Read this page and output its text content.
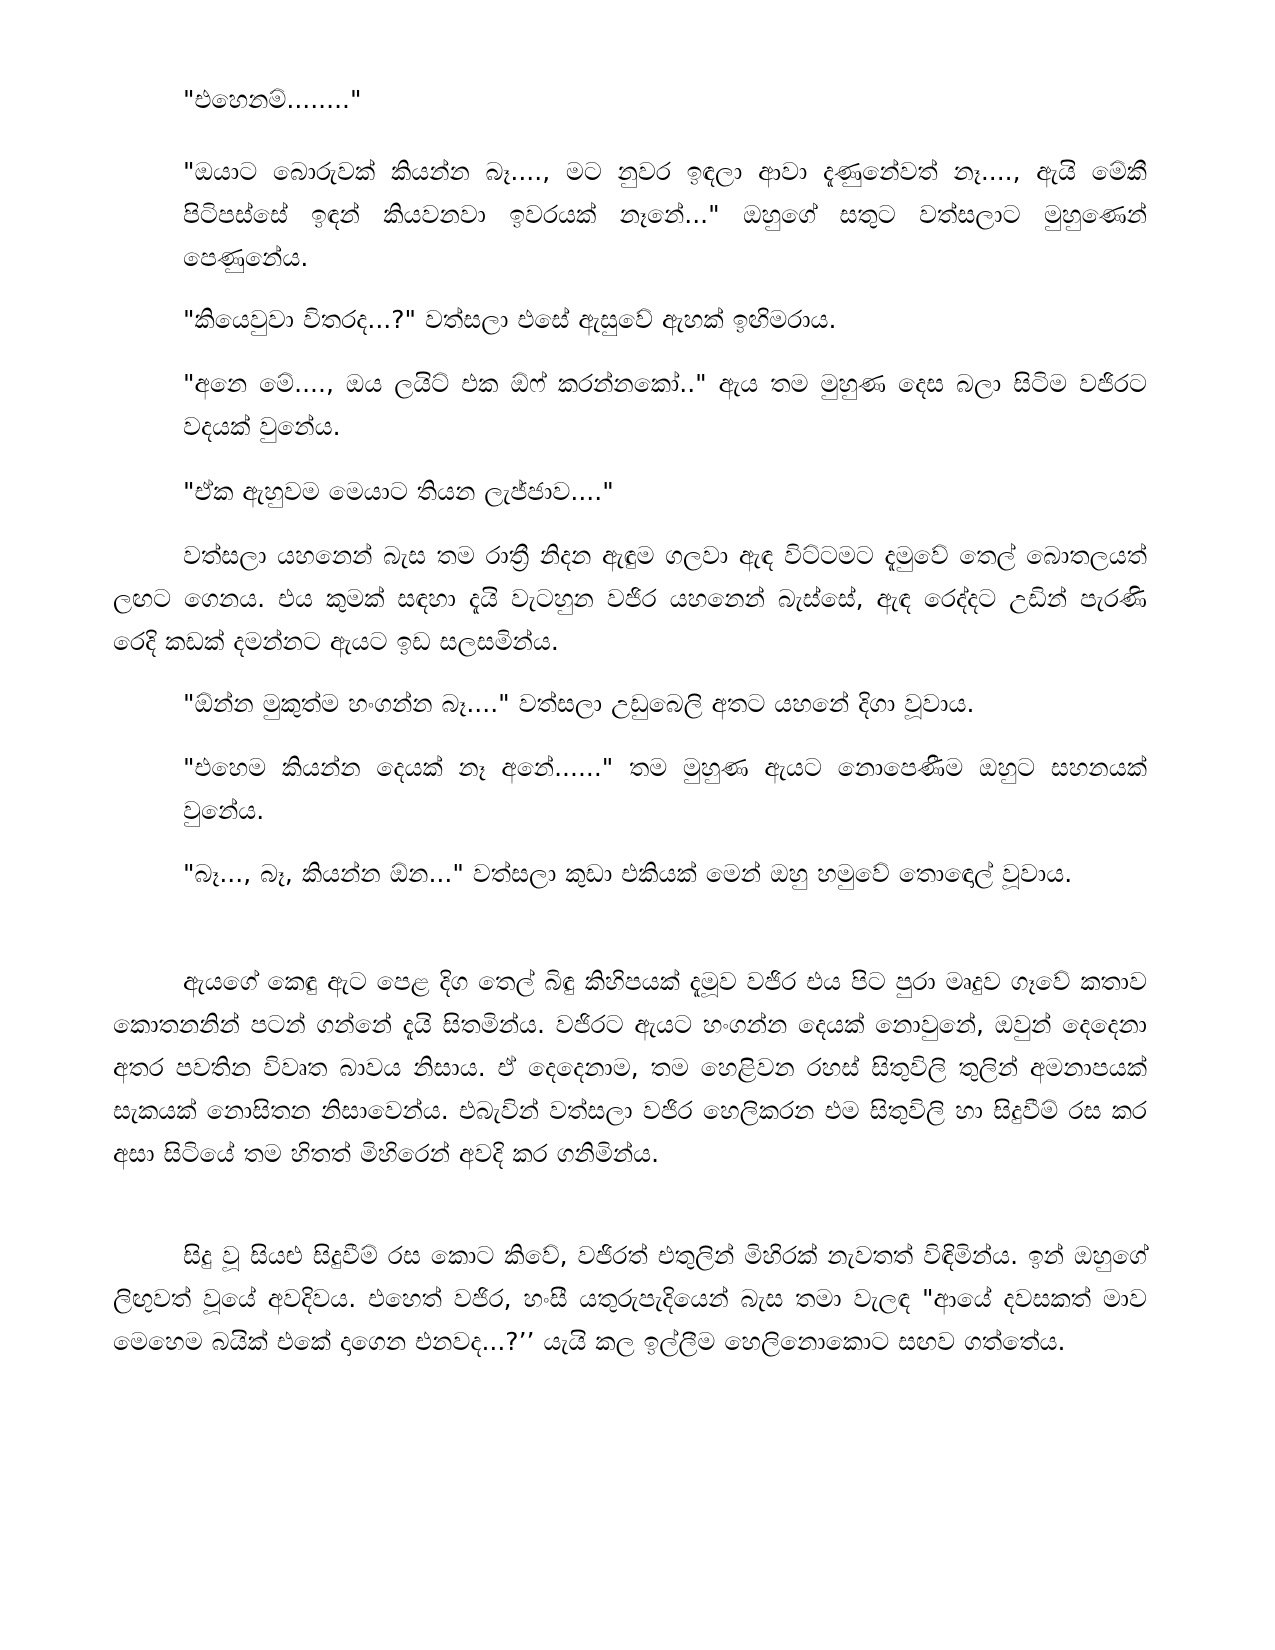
"එහෙනම්........"

"ඔයාට බොරුවක් කියන්න බෑ...., මට නුවර ඉඳලා ආවා දැණුනේවත් නෑ...., ඇයි මේකී පිටිපස්සේ ඉඳන් කියවනවා ඉවරයක් නෑනේ..." ඔහුගේ සතුට වත්සලාට මුහුණෙන් පෙණුනේය.

"කියෙවුවා විතරද...?" වත්සලා එසේ ඇසුවේ ඇහක් ඉඟිමරාය.

"අනෙ මේ...., ඔය ලයිට් එක ඕෆ් කරන්නකෝ.." ඇය තම මුහුණ දෙස බලා සිටිම වජිරට වදයක් වුනේය.

"ඒක ඇහුවම මෙයාට තියන ලැජ්ජාව...."

වත්සලා යහනෙන් බැස තම රාත්‍රී නිදන ඇඳුම ගලවා ඇඳ විට්ටමට දැමුවේ තෙල් බොතලයත් ලඟට ගෙනය. එය කුමක් සඳහා දැයි වැටහුන වජිර යහනෙන් බැස්සේ, ඇඳ රෙද්දට උඩින් පැරණි රෙදි කඩක් දමන්නට ඇයට ඉඩ සලසමින්ය.

"ඕන්න මුකුත්ම හංගන්න බෑ...." වත්සලා උඩුබෙලි අතට යහනේ දිගා වූවාය.

"එහෙම කියන්න දෙයක් නෑ අනේ......" තම මුහුණ ඇයට නොපෙණීම ඔහුට සහනයක් වුනේය.

"බෑ..., බෑ, කියන්න ඕන..." වත්සලා කුඩා එකියක් මෙන් ඔහු හමුවේ තොඳොල් වූවාය.

ඇයගේ කෙඳු ඇට පෙළ දිග තෙල් බිඳු කිහිපයක් දැමූව වජිර එය පිට පුරා මෘදුව ගෑවේ කතාව කොතනනින් පටන් ගන්නේ දැයි සිතමින්ය. වජිරට ඇයට හංගන්න දෙයක් නොවුනේ, ඔවුන් දෙදෙනා අතර පවතින විවෘත බාවය නිසාය. ඒ දෙදෙනාම, තම හෙළිවන රහස් සිතුවිලි තුලින් අමනාපයක් සැකයක් නොසිතන නිසාවෙන්ය. එබැවින් වත්සලා වජිර හෙලිකරන එම සිතුවිලි හා සිදුවීම් රස කර අසා සිටියේ තම හිතත් මිහිරෙන් අවදි කර ගනිමින්ය.

සිදු වූ සියළු සිදුවීම් රස කොට කිවේ, වජිරත් එතුලින් මිහිරක් නැවතත් විඳිමින්ය. ඉන් ඔහුගේ ලිඟුවත් වූයේ අවදිවය. එහෙත් වජිර, හංසී යතුරුපැදියෙන් බැස තමා වැලඳ "ආයේ දවසකත් මාව මෙහෙම බයික් එකේ දාගෙන එනවද...?’’ යැයි කල ඉල්ලීම හෙලිනොකොට සඟව ගත්තේය.
